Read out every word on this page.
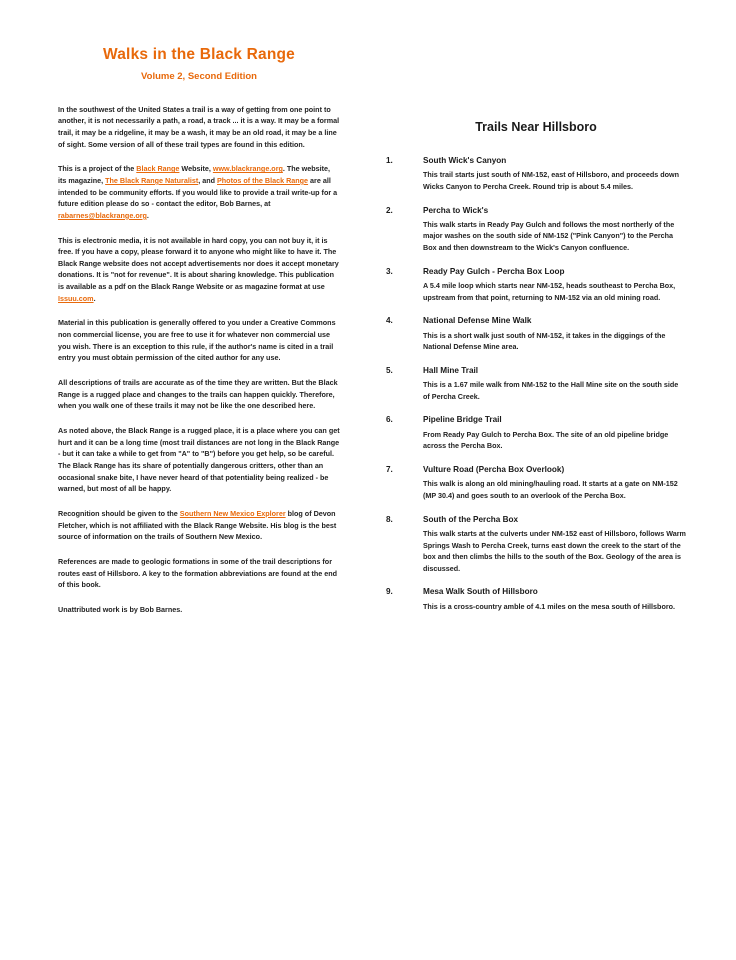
Walks in the Black Range
Volume 2, Second Edition

In the southwest of the United States a trail is a way of getting from one point to another, it is not necessarily a path, a road, a track ... it is a way. It may be a formal trail, it may be a ridgeline, it may be a wash, it may be an old road, it may be a line of sight. Some version of all of these trail types are found in this edition.

This is a project of the Black Range Website, www.blackrange.org. The website, its magazine, The Black Range Naturalist, and Photos of the Black Range are all intended to be community efforts. If you would like to provide a trail write-up for a future edition please do so - contact the editor, Bob Barnes, at rabarnes@blackrange.org.

This is electronic media, it is not available in hard copy, you can not buy it, it is free. If you have a copy, please forward it to anyone who might like to have it. The Black Range website does not accept advertisements nor does it accept monetary donations. It is "not for revenue". It is about sharing knowledge. This publication is available as a pdf on the Black Range Website or as magazine format at use Issuu.com.

Material in this publication is generally offered to you under a Creative Commons non commercial license, you are free to use it for whatever non commercial use you wish. There is an exception to this rule, if the author's name is cited in a trail entry you must obtain permission of the cited author for any use.

All descriptions of trails are accurate as of the time they are written. But the Black Range is a rugged place and changes to the trails can happen quickly. Therefore, when you walk one of these trails it may not be like the one described here.

As noted above, the Black Range is a rugged place, it is a place where you can get hurt and it can be a long time (most trail distances are not long in the Black Range - but it can take a while to get from "A" to "B") before you get help, so be careful. The Black Range has its share of potentially dangerous critters, other than an occasional snake bite, I have never heard of that potentiality being realized - be warned, but most of all be happy.

Recognition should be given to the Southern New Mexico Explorer blog of Devon Fletcher, which is not affiliated with the Black Range Website. His blog is the best source of information on the trails of Southern New Mexico.

References are made to geologic formations in some of the trail descriptions for routes east of Hillsboro. A key to the formation abbreviations are found at the end of this book.

Unattributed work is by Bob Barnes.

Trails Near Hillsboro
1.	South Wick's Canyon
This trail starts just south of NM-152, east of Hillsboro, and proceeds down Wicks Canyon to Percha Creek. Round trip is about 5.4 miles.
2.	Percha to Wick's
This walk starts in Ready Pay Gulch and follows the most northerly of the major washes on the south side of NM-152 ("Pink Canyon") to the Percha Box and then downstream to the Wick's Canyon confluence.
3.	Ready Pay Gulch - Percha Box Loop
A 5.4 mile loop which starts near NM-152, heads southeast to Percha Box, upstream from that point, returning to NM-152 via an old mining road.
4.	National Defense Mine Walk
This is a short walk just south of NM-152, it takes in the diggings of the National Defense Mine area.
5.	Hall Mine Trail
This is a 1.67 mile walk from NM-152 to the Hall Mine site on the south side of Percha Creek.
6.	Pipeline Bridge Trail
From Ready Pay Gulch to Percha Box. The site of an old pipeline bridge across the Percha Box.
7.	Vulture Road (Percha Box Overlook)
This walk is along an old mining/hauling road. It starts at a gate on NM-152 (MP 30.4) and goes south to an overlook of the Percha Box.
8.	South of the Percha Box
This walk starts at the culverts under NM-152 east of Hillsboro, follows Warm Springs Wash to Percha Creek, turns east down the creek to the start of the box and then climbs the hills to the south of the Box. Geology of the area is discussed.
9.	Mesa Walk South of Hillsboro
This is a cross-country amble of 4.1 miles on the mesa south of Hillsboro.
